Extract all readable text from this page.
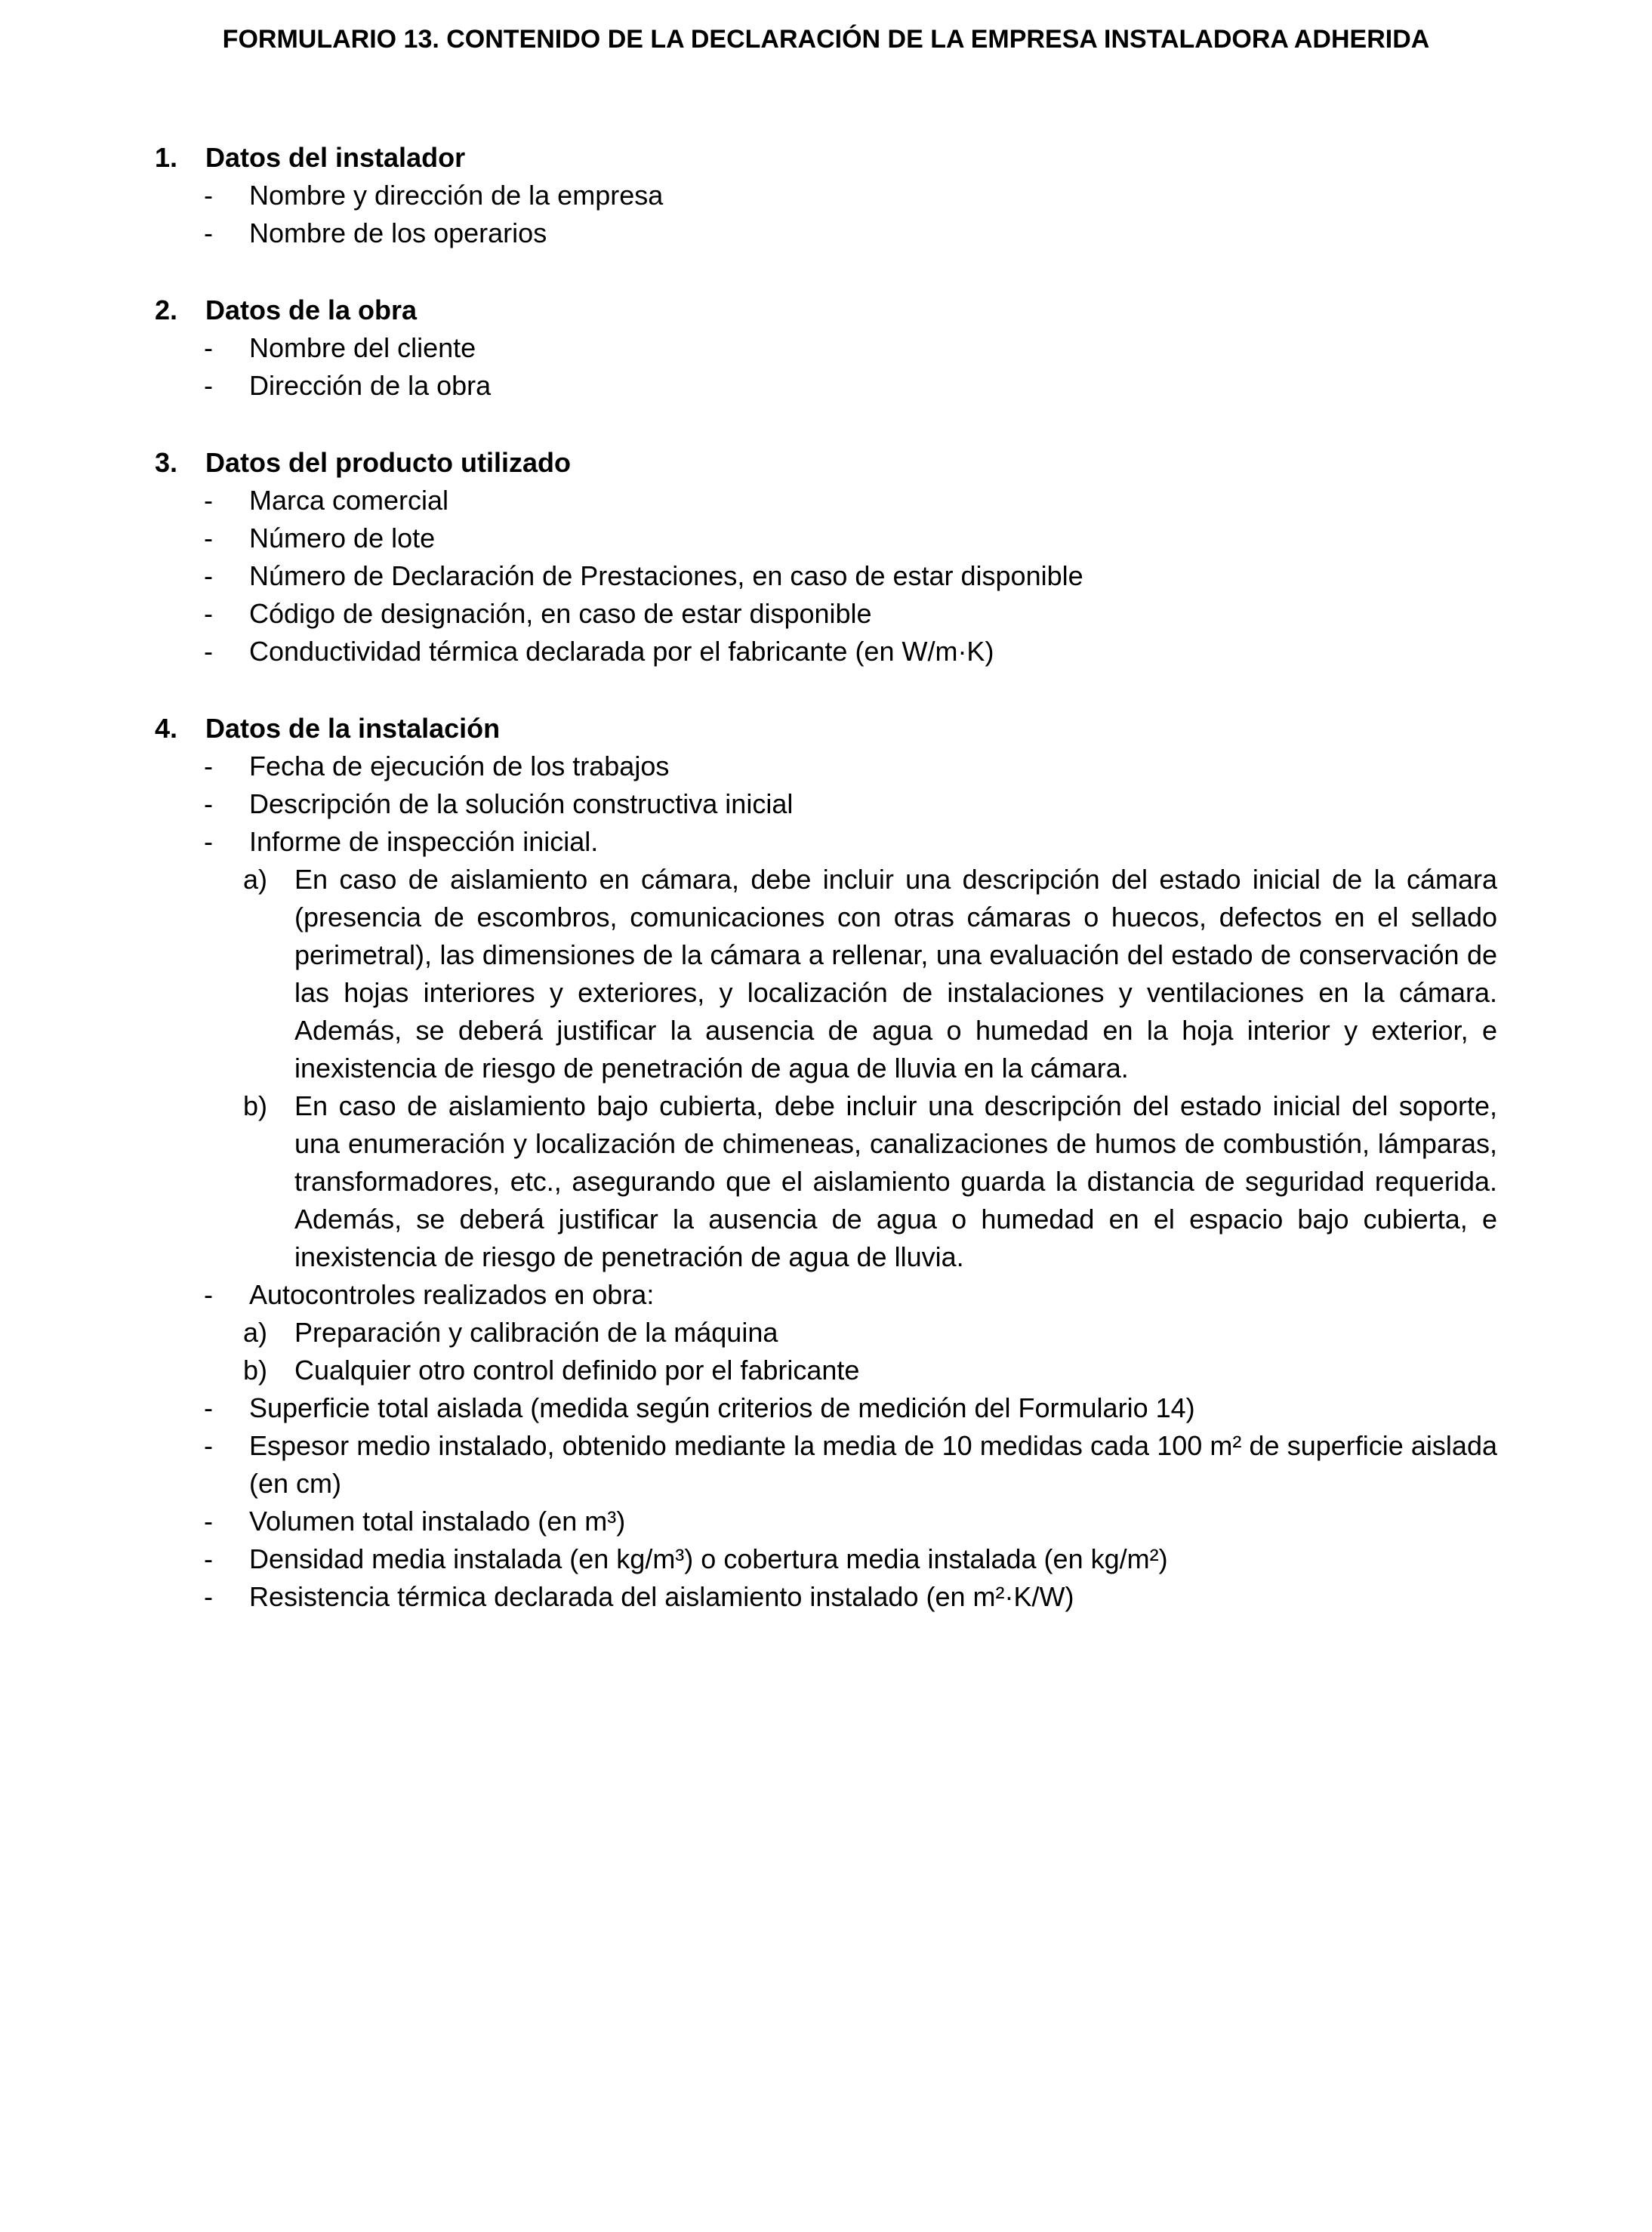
FORMULARIO 13. CONTENIDO DE LA DECLARACIÓN DE LA EMPRESA INSTALADORA ADHERIDA
1.	Datos del instalador
-	Nombre y dirección de la empresa
-	Nombre de los operarios
2.	Datos de la obra
-	Nombre del cliente
-	Dirección de la obra
3.	Datos del producto utilizado
-	Marca comercial
-	Número de lote
-	Número de Declaración de Prestaciones, en caso de estar disponible
-	Código de designación, en caso de estar disponible
-	Conductividad térmica declarada por el fabricante (en W/m·K)
4.	Datos de la instalación
-	Fecha de ejecución de los trabajos
-	Descripción de la solución constructiva inicial
-	Informe de inspección inicial.
a) En caso de aislamiento en cámara, debe incluir una descripción del estado inicial de la cámara (presencia de escombros, comunicaciones con otras cámaras o huecos, defectos en el sellado perimetral), las dimensiones de la cámara a rellenar, una evaluación del estado de conservación de las hojas interiores y exteriores, y localización de instalaciones y ventilaciones en la cámara. Además, se deberá justificar la ausencia de agua o humedad en la hoja interior y exterior, e inexistencia de riesgo de penetración de agua de lluvia en la cámara.
b) En caso de aislamiento bajo cubierta, debe incluir una descripción del estado inicial del soporte, una enumeración y localización de chimeneas, canalizaciones de humos de combustión, lámparas, transformadores, etc., asegurando que el aislamiento guarda la distancia de seguridad requerida. Además, se deberá justificar la ausencia de agua o humedad en el espacio bajo cubierta, e inexistencia de riesgo de penetración de agua de lluvia.
-	Autocontroles realizados en obra:
a) Preparación y calibración de la máquina
b) Cualquier otro control definido por el fabricante
-	Superficie total aislada (medida según criterios de medición del Formulario 14)
-	Espesor medio instalado, obtenido mediante la media de 10 medidas cada 100 m² de superficie aislada (en cm)
-	Volumen total instalado (en m³)
-	Densidad media instalada (en kg/m³) o cobertura media instalada (en kg/m²)
-	Resistencia térmica declarada del aislamiento instalado (en m²·K/W)
